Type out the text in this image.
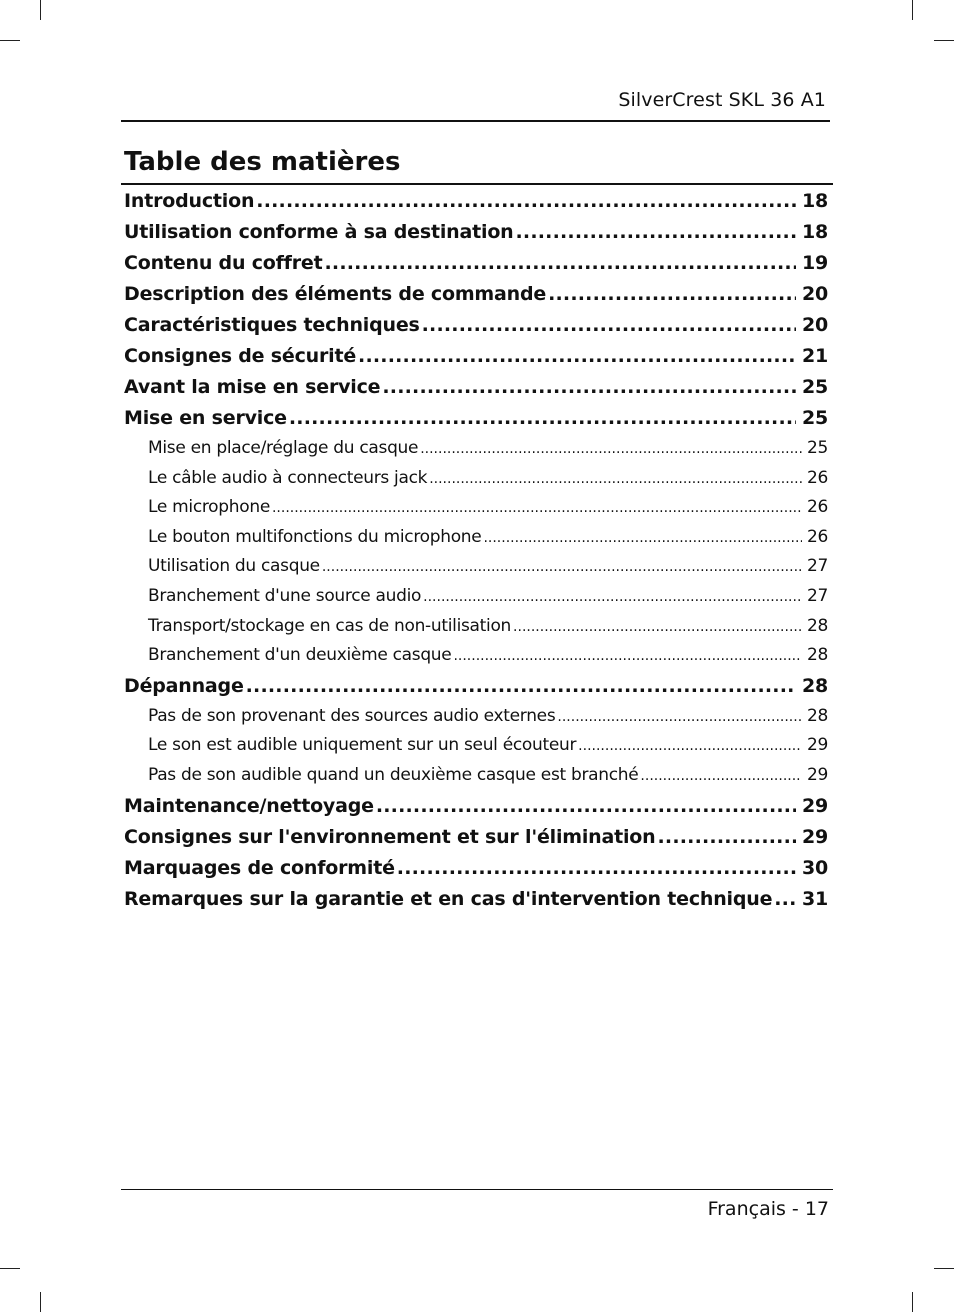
SilverCrest SKL 36 A1
Table des matières
Introduction .....	18
Utilisation conforme à sa destination .....	18
Contenu du coffret .....	19
Description des éléments de commande .....	20
Caractéristiques techniques .....	20
Consignes de sécurité .....	21
Avant la mise en service .....	25
Mise en service .....	25
Mise en place/réglage du casque .....	25
Le câble audio à connecteurs jack .....	26
Le microphone .....	26
Le bouton multifonctions du microphone .....	26
Utilisation du casque .....	27
Branchement d'une source audio .....	27
Transport/stockage en cas de non-utilisation .....	28
Branchement d'un deuxième casque .....	28
Dépannage .....	28
Pas de son provenant des sources audio externes .....	28
Le son est audible uniquement sur un seul écouteur .....	29
Pas de son audible quand un deuxième casque est branché .....	29
Maintenance/nettoyage .....	29
Consignes sur l'environnement et sur l'élimination .....	29
Marquages de conformité .....	30
Remarques sur la garantie et en cas d'intervention technique ..... 31
Français - 17
